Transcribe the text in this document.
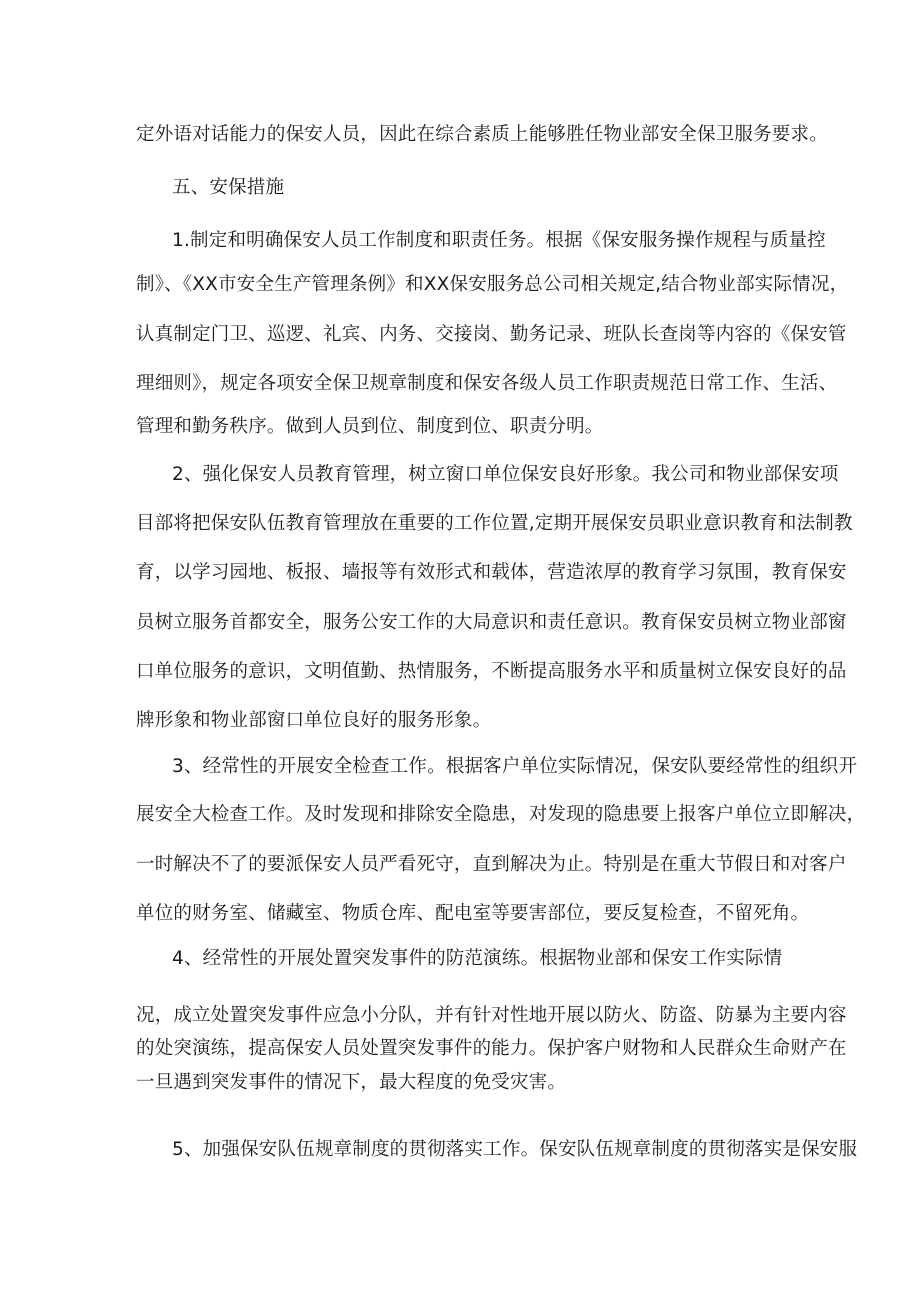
定外语对话能力的保安人员，因此在综合素质上能够胜任物业部安全保卫服务要求。
五、安保措施
1.制定和明确保安人员工作制度和职责任务。根据《保安服务操作规程与质量控
制》、《XX市安全生产管理条例》和XX保安服务总公司相关规定,结合物业部实际情况，
认真制定门卫、巡逻、礼宾、内务、交接岗、勤务记录、班队长查岗等内容的《保安管
理细则》，规定各项安全保卫规章制度和保安各级人员工作职责规范日常工作、生活、
管理和勤务秩序。做到人员到位、制度到位、职责分明。
2、强化保安人员教育管理，树立窗口单位保安良好形象。我公司和物业部保安项
目部将把保安队伍教育管理放在重要的工作位置,定期开展保安员职业意识教育和法制教
育，以学习园地、板报、墙报等有效形式和载体，营造浓厚的教育学习氛围，教育保安
员树立服务首都安全，服务公安工作的大局意识和责任意识。教育保安员树立物业部窗
口单位服务的意识，文明值勤、热情服务，不断提高服务水平和质量树立保安良好的品
牌形象和物业部窗口单位良好的服务形象。
3、经常性的开展安全检查工作。根据客户单位实际情况，保安队要经常性的组织开
展安全大检查工作。及时发现和排除安全隐患，对发现的隐患要上报客户单位立即解决，
一时解决不了的要派保安人员严看死守，直到解决为止。特别是在重大节假日和对客户
单位的财务室、储藏室、物质仓库、配电室等要害部位，要反复检查，不留死角。
4、经常性的开展处置突发事件的防范演练。根据物业部和保安工作实际情
况，成立处置突发事件应急小分队，并有针对性地开展以防火、防盗、防暴为主要内容
的处突演练，提高保安人员处置突发事件的能力。保护客户财物和人民群众生命财产在
一旦遇到突发事件的情况下，最大程度的免受灾害。
5、加强保安队伍规章制度的贯彻落实工作。保安队伍规章制度的贯彻落实是保安服
